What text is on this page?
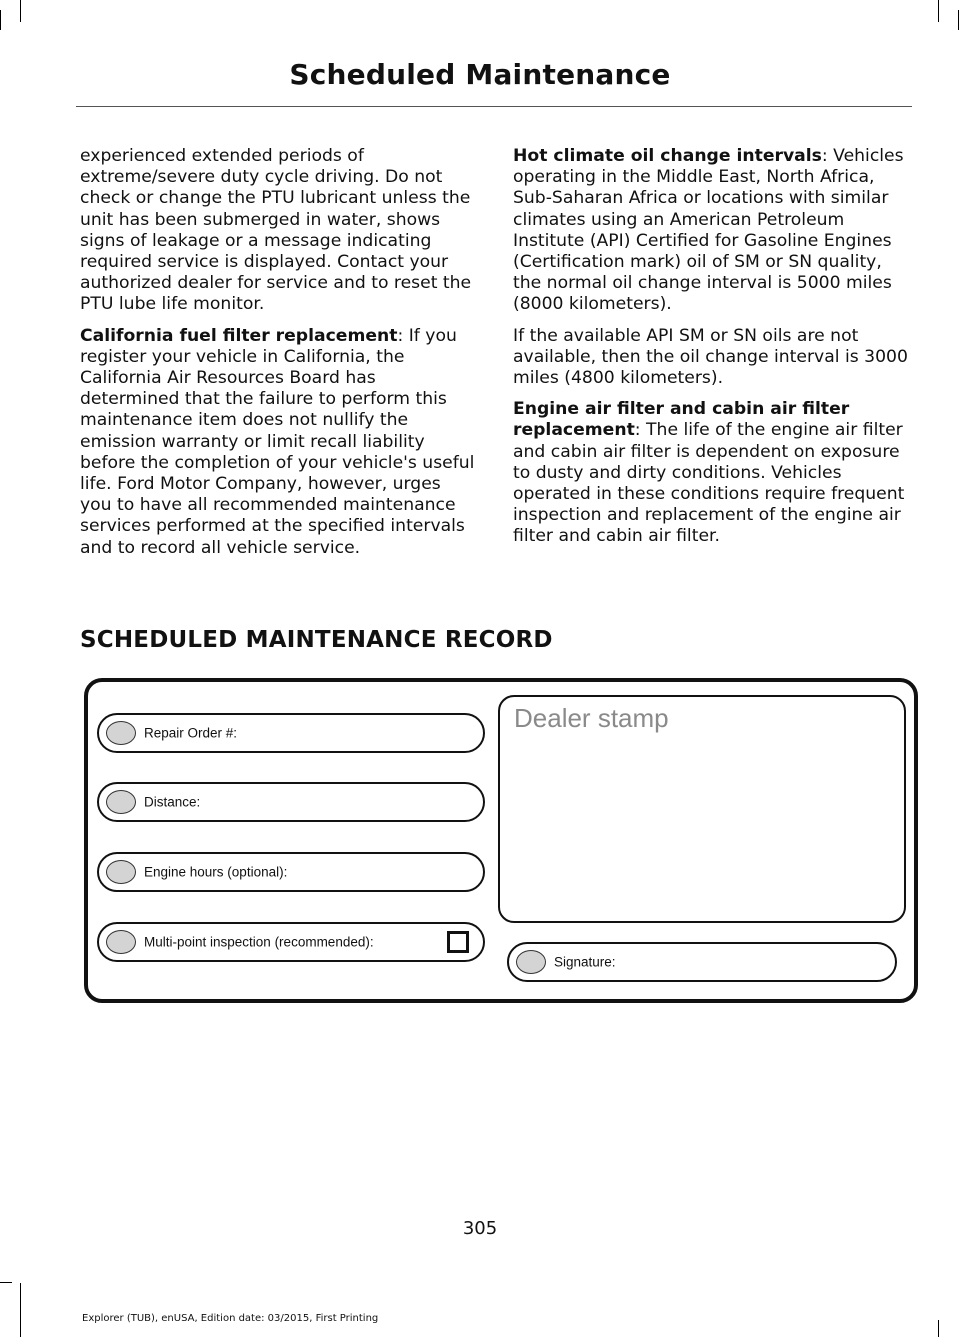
Scheduled Maintenance

experienced extended periods of extreme/severe duty cycle driving. Do not check or change the PTU lubricant unless the unit has been submerged in water, shows signs of leakage or a message indicating required service is displayed. Contact your authorized dealer for service and to reset the PTU lube life monitor.

California fuel filter replacement: If you register your vehicle in California, the California Air Resources Board has determined that the failure to perform this maintenance item does not nullify the emission warranty or limit recall liability before the completion of your vehicle's useful life. Ford Motor Company, however, urges you to have all recommended maintenance services performed at the specified intervals and to record all vehicle service.

Hot climate oil change intervals: Vehicles operating in the Middle East, North Africa, Sub-Saharan Africa or locations with similar climates using an American Petroleum Institute (API) Certified for Gasoline Engines (Certification mark) oil of SM or SN quality, the normal oil change interval is 5000 miles (8000 kilometers).

If the available API SM or SN oils are not available, then the oil change interval is 3000 miles (4800 kilometers).

Engine air filter and cabin air filter replacement: The life of the engine air filter and cabin air filter is dependent on exposure to dusty and dirty conditions. Vehicles operated in these conditions require frequent inspection and replacement of the engine air filter and cabin air filter.

SCHEDULED MAINTENANCE RECORD
Repair Order #:
Distance:
Engine hours (optional):
Multi-point inspection (recommended):
Dealer stamp
Signature:
305
Explorer (TUB), enUSA, Edition date: 03/2015, First Printing
